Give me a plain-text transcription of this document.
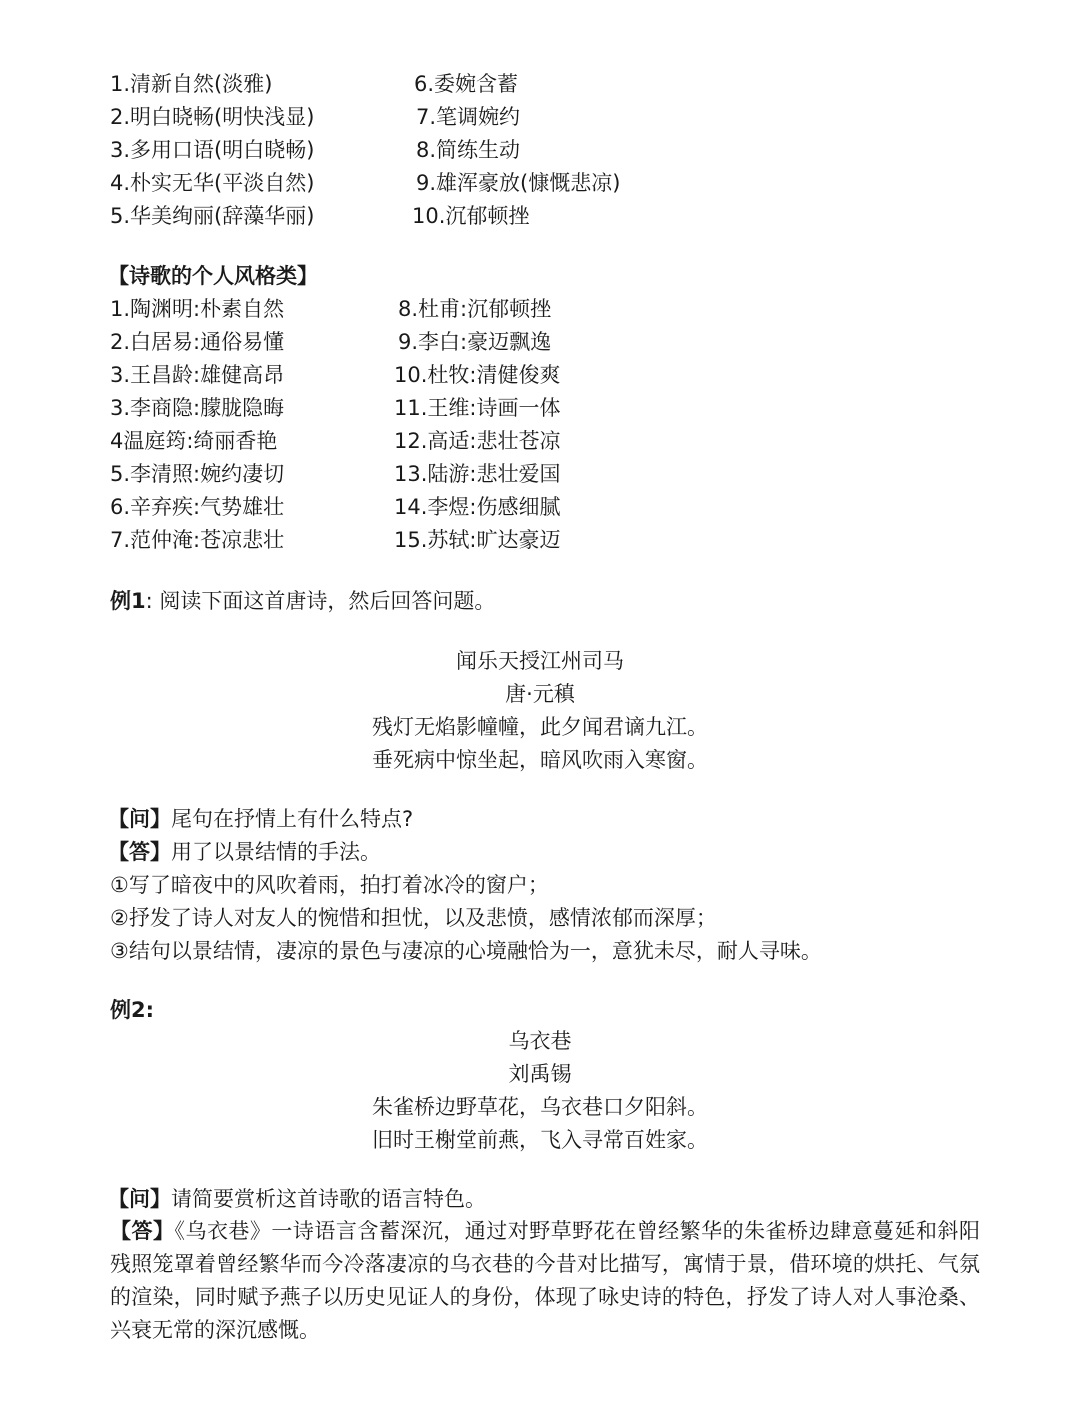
1.清新自然(淡雅)
2.明白晓畅(明快浅显)
3.多用口语(明白晓畅)
4.朴实无华(平淡自然)
5.华美绚丽(辞藻华丽)
6.委婉含蓄
7.笔调婉约
8.简练生动
9.雄浑豪放(慷慨悲凉)
10.沉郁顿挫
【诗歌的个人风格类】
1.陶渊明:朴素自然
2.白居易:通俗易懂
3.王昌龄:雄健高昂
3.李商隐:朦胧隐晦
4温庭筠:绮丽香艳
5.李清照:婉约凄切
6.辛弃疾:气势雄壮
7.范仲淹:苍凉悲壮
8.杜甫:沉郁顿挫
9.李白:豪迈飘逸
10.杜牧:清健俊爽
11.王维:诗画一体
12.高适:悲壮苍凉
13.陆游:悲壮爱国
14.李煜:伤感细腻
15.苏轼:旷达豪迈
例1: 阅读下面这首唐诗，然后回答问题。
闻乐天授江州司马
唐·元稹
残灯无焰影幢幢，此夕闻君谪九江。
垂死病中惊坐起，暗风吹雨入寒窗。
【问】尾句在抒情上有什么特点?
【答】用了以景结情的手法。
①写了暗夜中的风吹着雨，拍打着冰冷的窗户；
②抒发了诗人对友人的惋惜和担忧，以及悲愤，感情浓郁而深厚；
③结句以景结情，凄凉的景色与凄凉的心境融恰为一，意犹未尽，耐人寻味。
例2:
乌衣巷
刘禹锡
朱雀桥边野草花，乌衣巷口夕阳斜。
旧时王榭堂前燕，飞入寻常百姓家。
【问】请简要赏析这首诗歌的语言特色。
【答】《乌衣巷》一诗语言含蓄深沉，通过对野草野花在曾经繁华的朱雀桥边肆意蔓延和斜阳残照笼罩着曾经繁华而今冷落凄凉的乌衣巷的今昔对比描写，寓情于景，借环境的烘托、气氛的渲染，同时赋予燕子以历史见证人的身份，体现了咏史诗的特色，抒发了诗人对人事沧桑、兴衰无常的深沉感慨。
